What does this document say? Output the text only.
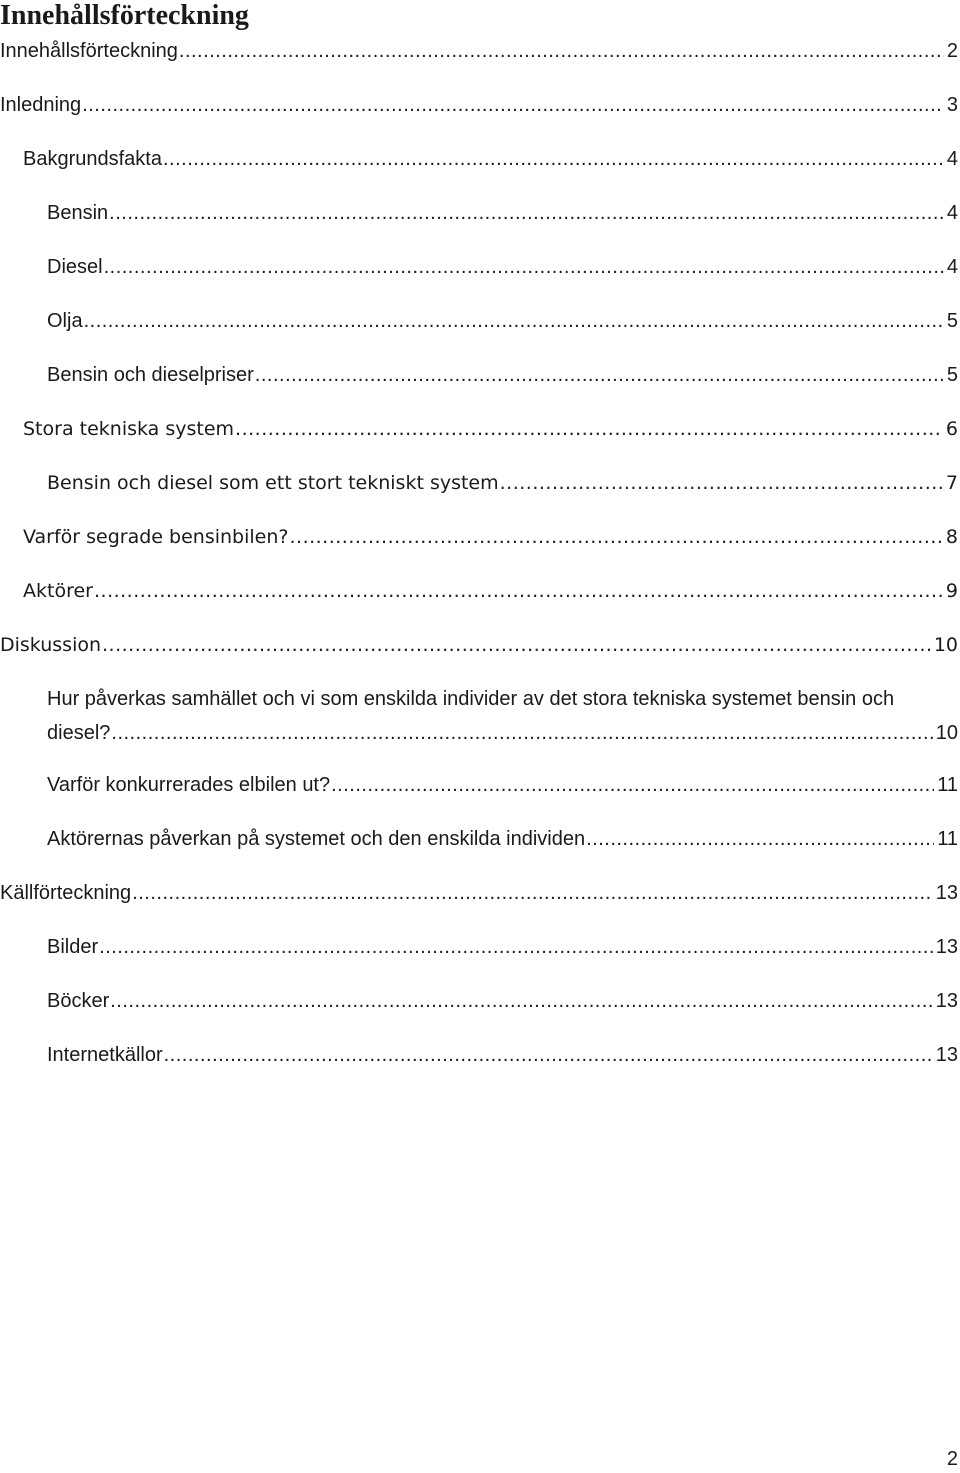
Innehållsförteckning
Innehållsförteckning .....	2
Inledning .....	3
Bakgrundsfakta .....	4
Bensin .....	4
Diesel .....	4
Olja .....	5
Bensin och dieselpriser .....	5
Stora tekniska system .....	6
Bensin och diesel som ett stort tekniskt system .....	7
Varför segrade bensinbilen? .....	8
Aktörer .....	9
Diskussion .....	10
Hur påverkas samhället och vi som enskilda individer av det stora tekniska systemet bensin och
diesel? .....	10
Varför konkurrerades elbilen ut? .....	11
Aktörernas påverkan på systemet och den enskilda individen .....	11
Källförteckning .....	13
Bilder .....	13
Böcker .....	13
Internetkällor .....	13
2
